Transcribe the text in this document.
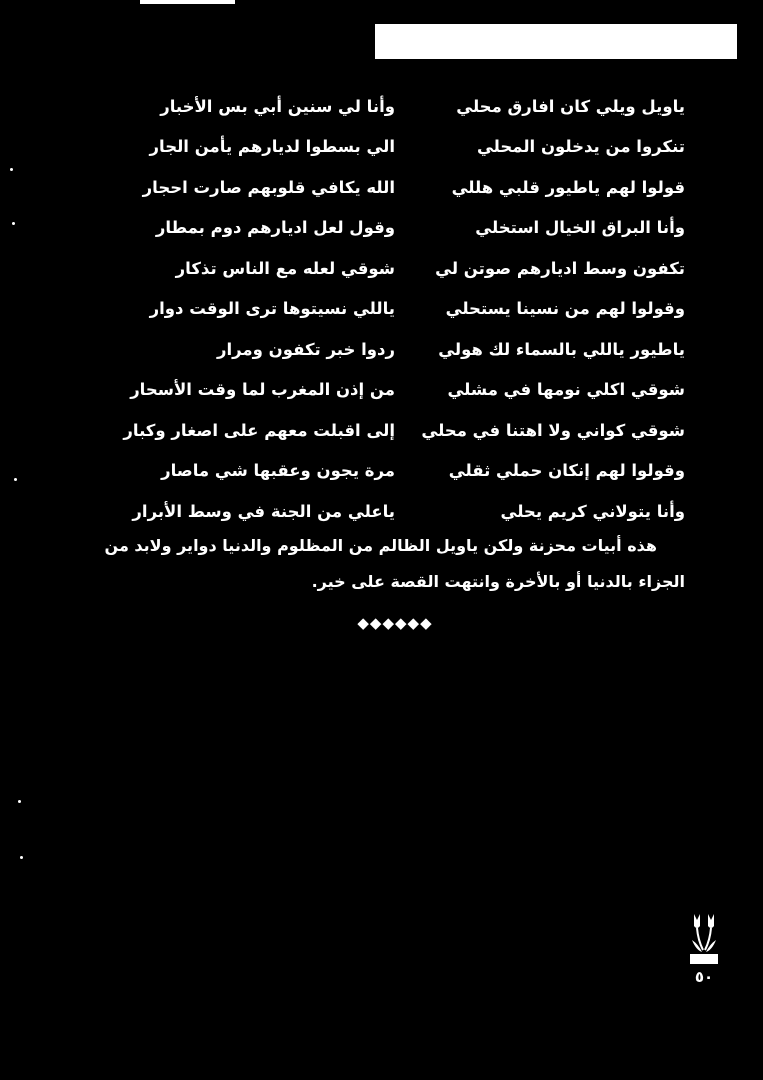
ياويل ويلي كان افارق محلي
وأنا لي سنين أبي بس الأخبار
تنكروا من يدخلون المحلي
الي بسطوا لديارهم يأمن الجار
قولوا لهم ياطيور قلبي هللي
الله يكافي قلوبهم صارت احجار
وأنا البراق الخيال استخلي
وقول لعل اديارهم دوم بمطار
تكفون وسط اديارهم صوتن لي
شوقي لعله مع الناس تذكار
وقولوا لهم من نسينا يستحلي
ياللي نسيتوها ترى الوقت دوار
ياطيور ياللي بالسماء لك هولي
ردوا خبر تكفون ومرار
شوقي اكلي نومها في مشلي
من إذن المغرب لما وقت الأسحار
شوقي كواني ولا اهتنا في محلي
إلى اقبلت معهم على اصغار وكبار
وقولوا لهم إنكان حملي ثقلي
مرة يجون وعقبها شي ماصار
وأنا يتولاني كريم يحلي
ياعلي من الجنة في وسط الأبرار
هذه أبيات محزنة ولكن ياويل الظالم من المظلوم والدنيا دواير ولابد من
الجزاء بالدنيا أو بالأخرة وانتهت القصة على خير.
◆◆◆◆◆◆
٥٠
